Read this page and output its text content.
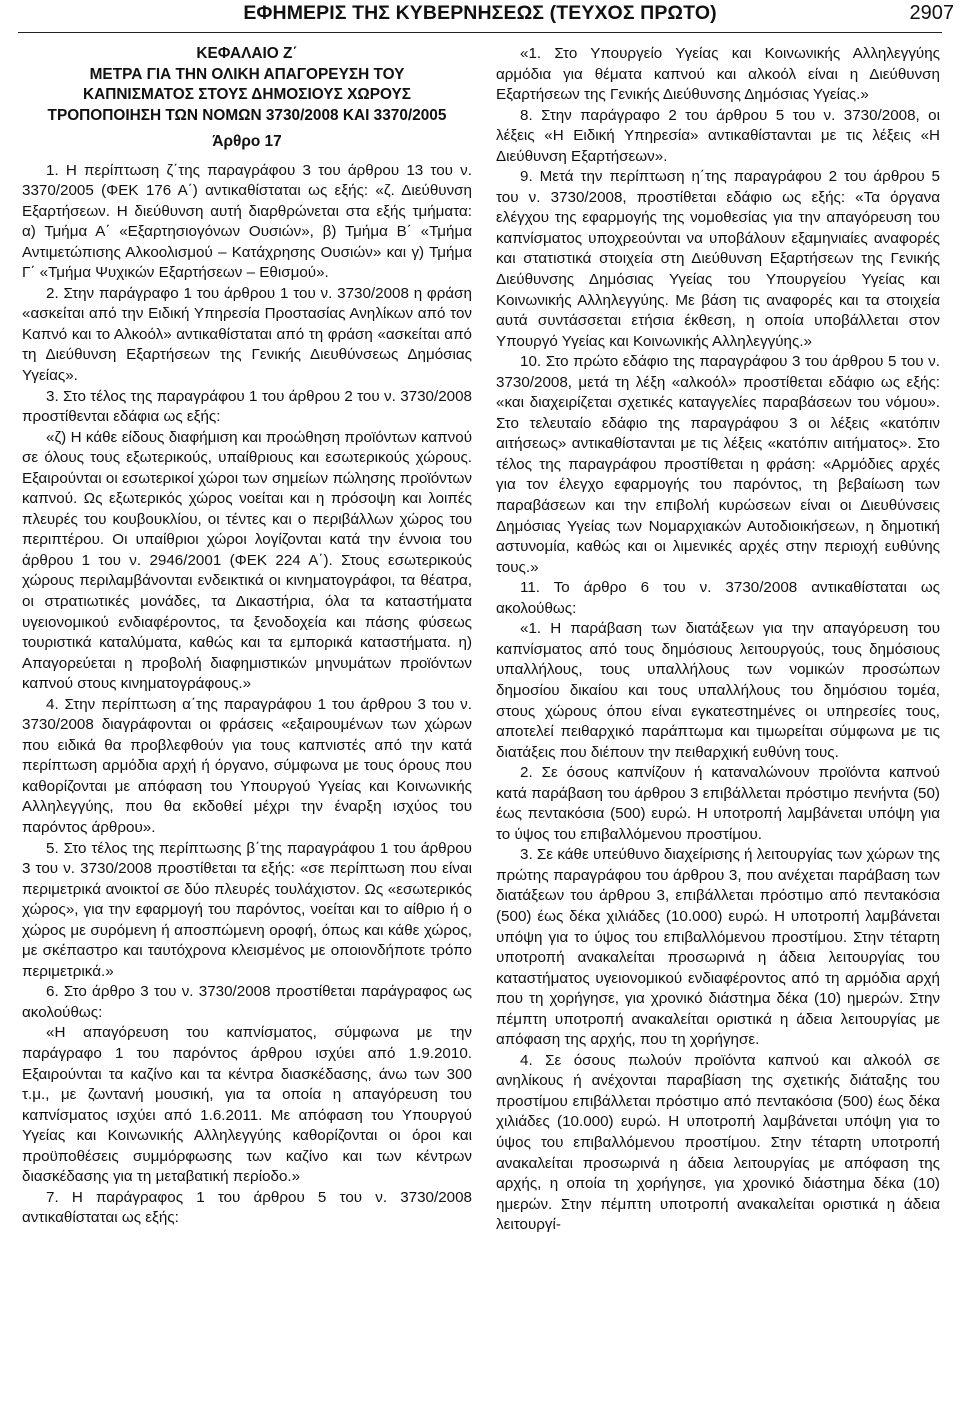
ΕΦΗΜΕΡΙΣ ΤΗΣ ΚΥΒΕΡΝΗΣΕΩΣ (ΤΕΥΧΟΣ ΠΡΩΤΟ)	2907
ΚΕΦΑΛΑΙΟ Ζ΄
ΜΕΤΡΑ ΓΙΑ ΤΗΝ ΟΛΙΚΗ ΑΠΑΓΟΡΕΥΣΗ ΤΟΥ
ΚΑΠΝΙΣΜΑΤΟΣ ΣΤΟΥΣ ΔΗΜΟΣΙΟΥΣ ΧΩΡΟΥΣ
ΤΡΟΠΟΠΟΙΗΣΗ ΤΩΝ ΝΟΜΩΝ 3730/2008 ΚΑΙ 3370/2005
Άρθρο 17

1. Η περίπτωση ζ΄της παραγράφου 3 του άρθρου 13 του ν. 3370/2005 (ΦΕΚ 176 Α΄) αντικαθίσταται ως εξής: «ζ. Διεύθυνση Εξαρτήσεων. Η διεύθυνση αυτή διαρθρώνεται στα εξής τμήματα: α) Τμήμα Α΄ «Εξαρτησιογόνων Ουσιών», β) Τμήμα Β΄ «Τμήμα Αντιμετώπισης Αλκοολισμού – Κατάχρησης Ουσιών» και γ) Τμήμα Γ΄ «Τμήμα Ψυχικών Εξαρτήσεων – Εθισμού».

2. Στην παράγραφο 1 του άρθρου 1 του ν. 3730/2008 η φράση «ασκείται από την Ειδική Υπηρεσία Προστασίας Ανηλίκων από τον Καπνό και το Αλκοόλ» αντικαθίσταται από τη φράση «ασκείται από τη Διεύθυνση Εξαρτήσεων της Γενικής Διευθύνσεως Δημόσιας Υγείας».

3. Στο τέλος της παραγράφου 1 του άρθρου 2 του ν. 3730/2008 προστίθενται εδάφια ως εξής:

«ζ) Η κάθε είδους διαφήμιση και προώθηση προϊόντων καπνού σε όλους τους εξωτερικούς, υπαίθριους και εσωτερικούς χώρους. Εξαιρούνται οι εσωτερικοί χώροι των σημείων πώλησης προϊόντων καπνού. Ως εξωτερικός χώρος νοείται και η πρόσοψη και λοιπές πλευρές του κουβουκλίου, οι τέντες και ο περιβάλλων χώρος του περιπτέρου. Οι υπαίθριοι χώροι λογίζονται κατά την έννοια του άρθρου 1 του ν. 2946/2001 (ΦΕΚ 224 Α΄). Στους εσωτερικούς χώρους περιλαμβάνονται ενδεικτικά οι κινηματογράφοι, τα θέατρα, οι στρατιωτικές μονάδες, τα Δικαστήρια, όλα τα καταστήματα υγειονομικού ενδιαφέροντος, τα ξενοδοχεία και πάσης φύσεως τουριστικά καταλύματα, καθώς και τα εμπορικά καταστήματα. η) Απαγορεύεται η προβολή διαφημιστικών μηνυμάτων προϊόντων καπνού στους κινηματογράφους.»

4. Στην περίπτωση α΄της παραγράφου 1 του άρθρου 3 του ν. 3730/2008 διαγράφονται οι φράσεις «εξαιρουμένων των χώρων που ειδικά θα προβλεφθούν για τους καπνιστές από την κατά περίπτωση αρμόδια αρχή ή όργανο, σύμφωνα με τους όρους που καθορίζονται με απόφαση του Υπουργού Υγείας και Κοινωνικής Αλληλεγγύης, που θα εκδοθεί μέχρι την έναρξη ισχύος του παρόντος άρθρου».

5. Στο τέλος της περίπτωσης β΄της παραγράφου 1 του άρθρου 3 του ν. 3730/2008 προστίθεται τα εξής: «σε περίπτωση που είναι περιμετρικά ανοικτοί σε δύο πλευρές τουλάχιστον. Ως «εσωτερικός χώρος», για την εφαρμογή του παρόντος, νοείται και το αίθριο ή ο χώρος με συρόμενη ή αποσπώμενη οροφή, όπως και κάθε χώρος, με σκέπαστρο και ταυτόχρονα κλεισμένος με οποιονδήποτε τρόπο περιμετρικά.»

6. Στο άρθρο 3 του ν. 3730/2008 προστίθεται παράγραφος ως ακολούθως:

«Η απαγόρευση του καπνίσματος, σύμφωνα με την παράγραφο 1 του παρόντος άρθρου ισχύει από 1.9.2010. Εξαιρούνται τα καζίνο και τα κέντρα διασκέδασης, άνω των 300 τ.μ., με ζωντανή μουσική, για τα οποία η απαγόρευση του καπνίσματος ισχύει από 1.6.2011. Με απόφαση του Υπουργού Υγείας και Κοινωνικής Αλληλεγγύης καθορίζονται οι όροι και προϋποθέσεις συμμόρφωσης των καζίνο και των κέντρων διασκέδασης για τη μεταβατική περίοδο.»

7. Η παράγραφος 1 του άρθρου 5 του ν. 3730/2008 αντικαθίσταται ως εξής:

«1. Στο Υπουργείο Υγείας και Κοινωνικής Αλληλεγγύης αρμόδια για θέματα καπνού και αλκοόλ είναι η Διεύθυνση Εξαρτήσεων της Γενικής Διεύθυνσης Δημόσιας Υγείας.»

8. Στην παράγραφο 2 του άρθρου 5 του ν. 3730/2008, οι λέξεις «Η Ειδική Υπηρεσία» αντικαθίστανται με τις λέξεις «Η Διεύθυνση Εξαρτήσεων».

9. Μετά την περίπτωση η΄της παραγράφου 2 του άρθρου 5 του ν. 3730/2008, προστίθεται εδάφιο ως εξής: «Τα όργανα ελέγχου της εφαρμογής της νομοθεσίας για την απαγόρευση του καπνίσματος υποχρεούνται να υποβάλουν εξαμηνιαίες αναφορές και στατιστικά στοιχεία στη Διεύθυνση Εξαρτήσεων της Γενικής Διεύθυνσης Δημόσιας Υγείας του Υπουργείου Υγείας και Κοινωνικής Αλληλεγγύης. Με βάση τις αναφορές και τα στοιχεία αυτά συντάσσεται ετήσια έκθεση, η οποία υποβάλλεται στον Υπουργό Υγείας και Κοινωνικής Αλληλεγγύης.»

10. Στο πρώτο εδάφιο της παραγράφου 3 του άρθρου 5 του ν. 3730/2008, μετά τη λέξη «αλκοόλ» προστίθεται εδάφιο ως εξής: «και διαχειρίζεται σχετικές καταγγελίες παραβάσεων του νόμου». Στο τελευταίο εδάφιο της παραγράφου 3 οι λέξεις «κατόπιν αιτήσεως» αντικαθίστανται με τις λέξεις «κατόπιν αιτήματος». Στο τέλος της παραγράφου προστίθεται η φράση: «Αρμόδιες αρχές για τον έλεγχο εφαρμογής του παρόντος, τη βεβαίωση των παραβάσεων και την επιβολή κυρώσεων είναι οι Διευθύνσεις Δημόσιας Υγείας των Νομαρχιακών Αυτοδιοικήσεων, η δημοτική αστυνομία, καθώς και οι λιμενικές αρχές στην περιοχή ευθύνης τους.»

11. Το άρθρο 6 του ν. 3730/2008 αντικαθίσταται ως ακολούθως:

«1. Η παράβαση των διατάξεων για την απαγόρευση του καπνίσματος από τους δημόσιους λειτουργούς, τους δημόσιους υπαλλήλους, τους υπαλλήλους των νομικών προσώπων δημοσίου δικαίου και τους υπαλλήλους του δημόσιου τομέα, στους χώρους όπου είναι εγκατεστημένες οι υπηρεσίες τους, αποτελεί πειθαρχικό παράπτωμα και τιμωρείται σύμφωνα με τις διατάξεις που διέπουν την πειθαρχική ευθύνη τους.

2. Σε όσους καπνίζουν ή καταναλώνουν προϊόντα καπνού κατά παράβαση του άρθρου 3 επιβάλλεται πρόστιμο πενήντα (50) έως πεντακόσια (500) ευρώ. Η υποτροπή λαμβάνεται υπόψη για το ύψος του επιβαλλόμενου προστίμου.

3. Σε κάθε υπεύθυνο διαχείρισης ή λειτουργίας των χώρων της πρώτης παραγράφου του άρθρου 3, που ανέχεται παράβαση των διατάξεων του άρθρου 3, επιβάλλεται πρόστιμο από πεντακόσια (500) έως δέκα χιλιάδες (10.000) ευρώ. Η υποτροπή λαμβάνεται υπόψη για το ύψος του επιβαλλόμενου προστίμου. Στην τέταρτη υποτροπή ανακαλείται προσωρινά η άδεια λειτουργίας του καταστήματος υγειονομικού ενδιαφέροντος από τη αρμόδια αρχή που τη χορήγησε, για χρονικό διάστημα δέκα (10) ημερών. Στην πέμπτη υποτροπή ανακαλείται οριστικά η άδεια λειτουργίας με απόφαση της αρχής, που τη χορήγησε.

4. Σε όσους πωλούν προϊόντα καπνού και αλκοόλ σε ανηλίκους ή ανέχονται παραβίαση της σχετικής διάταξης του προστίμου επιβάλλεται πρόστιμο από πεντακόσια (500) έως δέκα χιλιάδες (10.000) ευρώ. Η υποτροπή λαμβάνεται υπόψη για το ύψος του επιβαλλόμενου προστίμου. Στην τέταρτη υποτροπή ανακαλείται προσωρινά η άδεια λειτουργίας με απόφαση της αρχής, η οποία τη χορήγησε, για χρονικό διάστημα δέκα (10) ημερών. Στην πέμπτη υποτροπή ανακαλείται οριστικά η άδεια λειτουργί-
